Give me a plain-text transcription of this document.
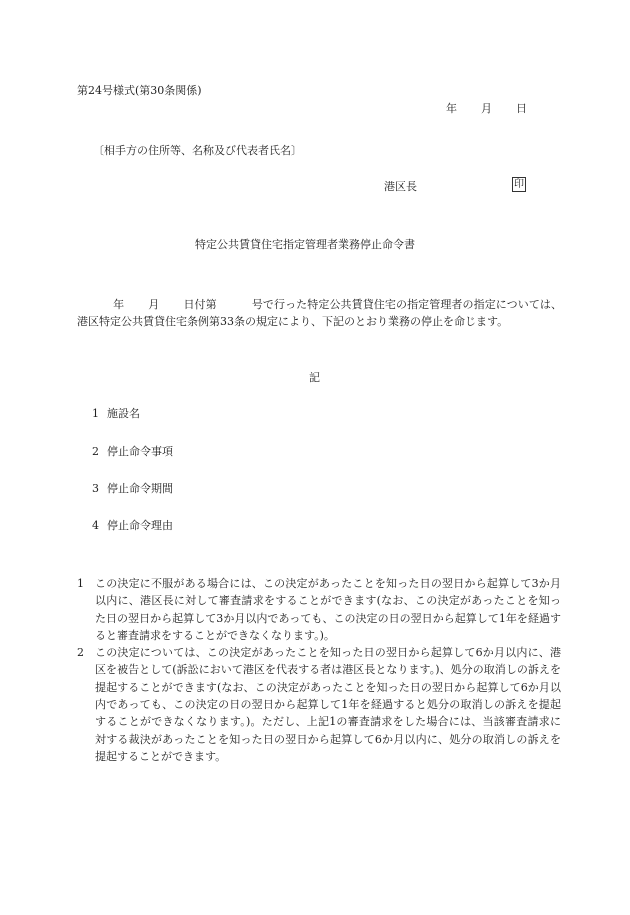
第24号様式(第30条関係)
年 月 日
〔相手方の住所等、名称及び代表者氏名〕
港区長	印
特定公共賃貸住宅指定管理者業務停止命令書
年 月 日付第	号で行った特定公共賃貸住宅の指定管理者の指定については、港区特定公共賃貸住宅条例第33条の規定により、下記のとおり業務の停止を命じます。
記
1 施設名
2 停止命令事項
3 停止命令期間
4 停止命令理由
1	この決定に不服がある場合には、この決定があったことを知った日の翌日から起算して3か月以内に、港区長に対して審査請求をすることができます(なお、この決定があったことを知った日の翌日から起算して3か月以内であっても、この決定の日の翌日から起算して1年を経過すると審査請求をすることができなくなります。)。
2	この決定については、この決定があったことを知った日の翌日から起算して6か月以内に、港区を被告として(訴訟において港区を代表する者は港区長となります。)、処分の取消しの訴えを提起することができます(なお、この決定があったことを知った日の翌日から起算して6か月以内であっても、この決定の日の翌日から起算して1年を経過すると処分の取消しの訴えを提起することができなくなります。)。ただし、上記1の審査請求をした場合には、当該審査請求に対する裁決があったことを知った日の翌日から起算して6か月以内に、処分の取消しの訴えを提起することができます。
